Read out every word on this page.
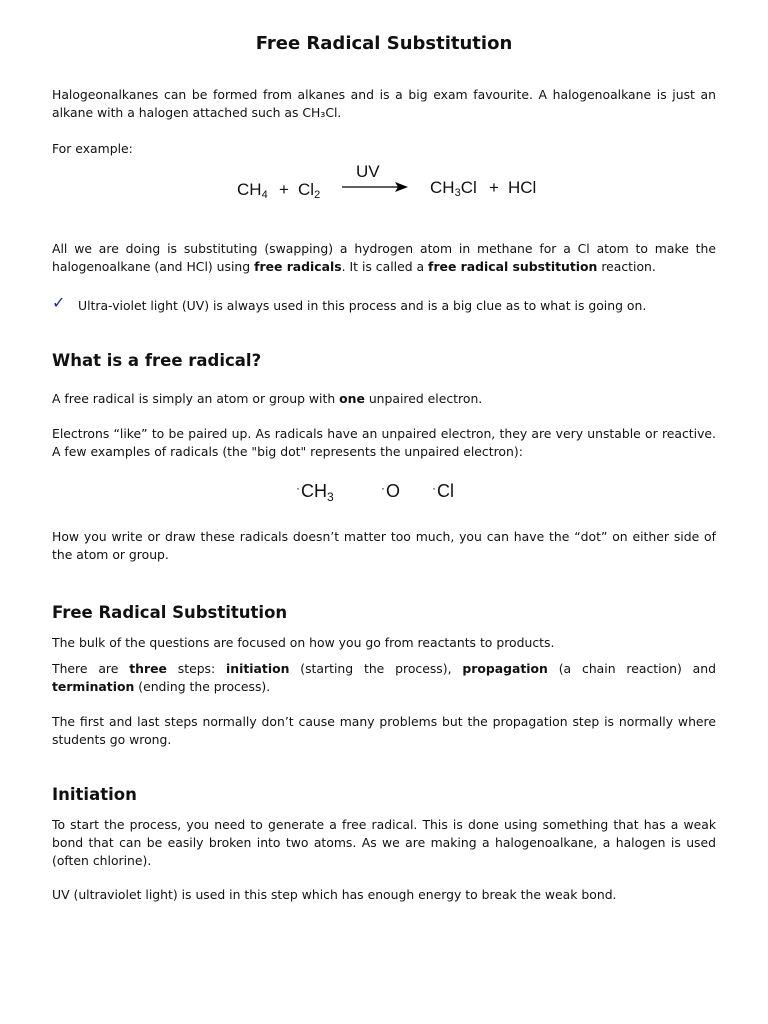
Free Radical Substitution

Halogeonalkanes can be formed from alkanes and is a big exam favourite. A halogenoalkane is just an alkane with a halogen attached such as CH₃Cl.

For example:

$CH_4 + Cl_2$
UV
$CH_3Cl$ + HCl

All we are doing is substituting (swapping) a hydrogen atom in methane for a Cl atom to make the halogenoalkane (and HCl) using free radicals. It is called a free radical substitution reaction.

✓ Ultra-violet light (UV) is always used in this process and is a big clue as to what is going on.

What is a free radical?

A free radical is simply an atom or group with one unpaired electron.

Electrons “like” to be paired up. As radicals have an unpaired electron, they are very unstable or reactive. A few examples of radicals (the "big dot" represents the unpaired electron):

$^\cdot CH_3$
·O	·Cl

How you write or draw these radicals doesn’t matter too much, you can have the “dot” on either side of the atom or group.

Free Radical Substitution

The bulk of the questions are focused on how you go from reactants to products.

There are three steps: initiation (starting the process), propagation (a chain reaction) and termination (ending the process).

The first and last steps normally don’t cause many problems but the propagation step is normally where students go wrong.

Initiation

To start the process, you need to generate a free radical. This is done using something that has a weak bond that can be easily broken into two atoms. As we are making a halogenoalkane, a halogen is used (often chlorine).

UV (ultraviolet light) is used in this step which has enough energy to break the weak bond.
